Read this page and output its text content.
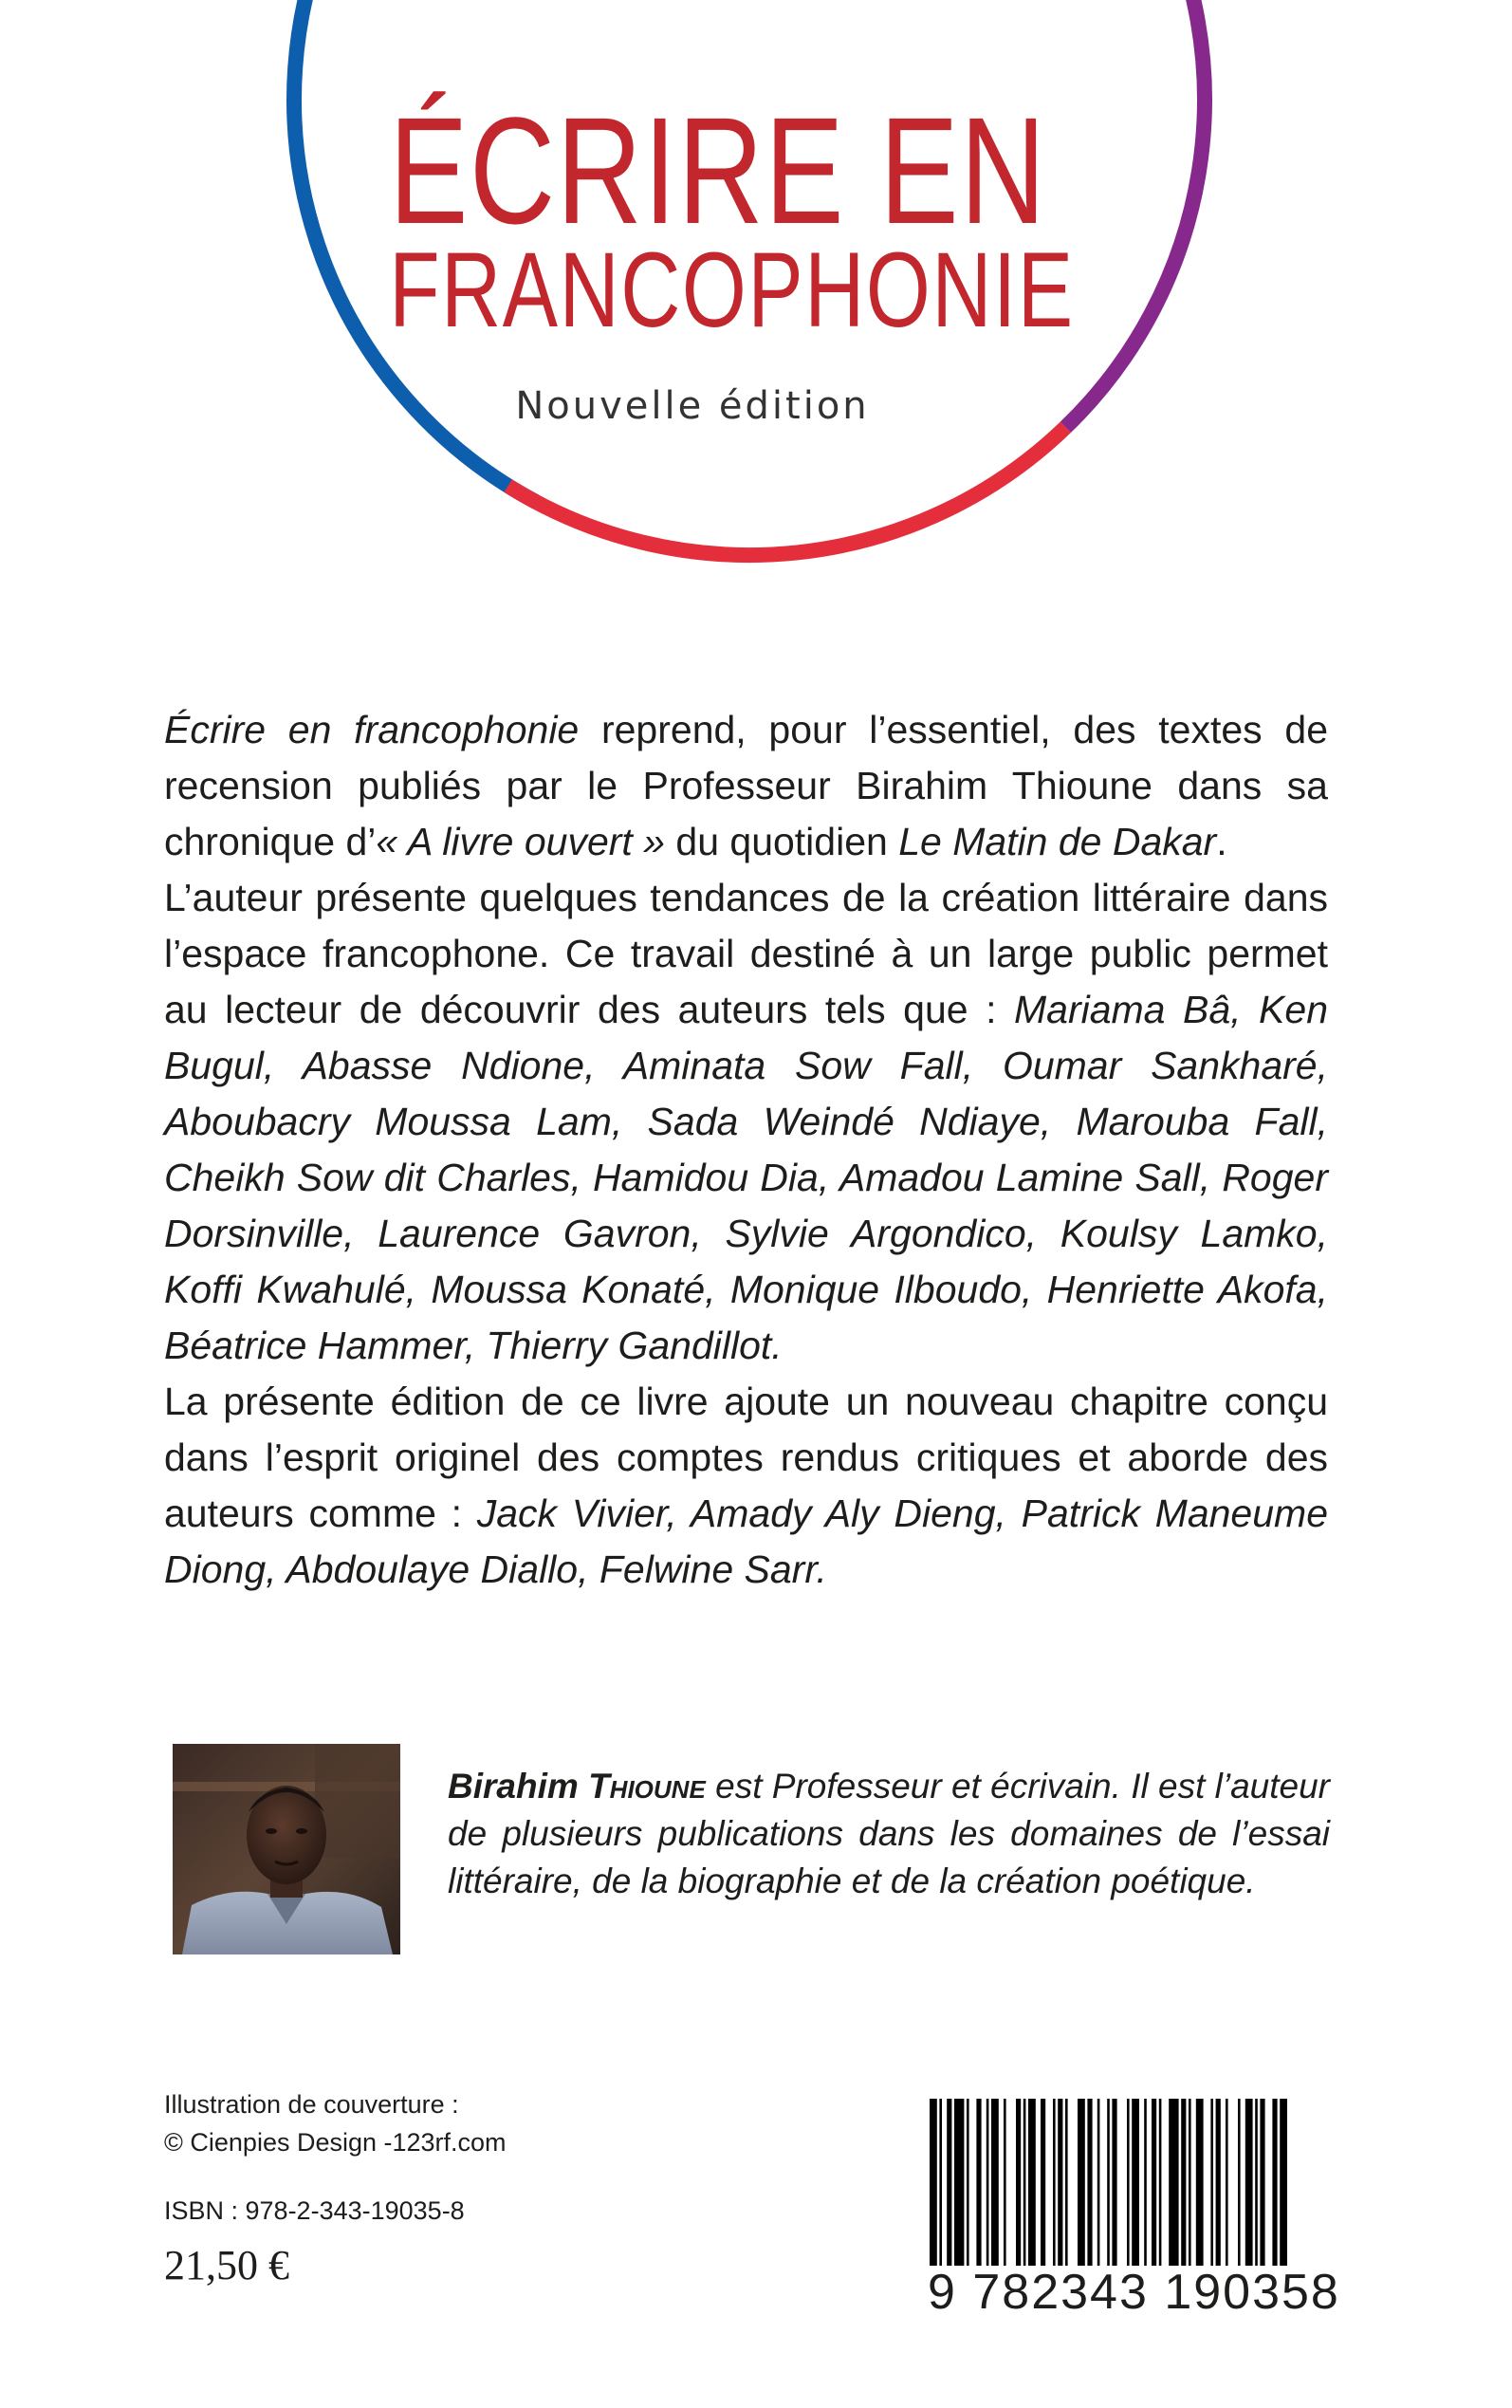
ÉCRIRE EN
FRANCOPHONIE
Nouvelle édition

Écrire en francophonie reprend, pour l’essentiel, des textes de recension publiés par le Professeur Birahim Thioune dans sa chronique d’« A livre ouvert » du quotidien Le Matin de Dakar.

L’auteur présente quelques tendances de la création littéraire dans l’espace francophone. Ce travail destiné à un large public permet au lecteur de découvrir des auteurs tels que : Mariama Bâ, Ken Bugul, Abasse Ndione, Aminata Sow Fall, Oumar Sankharé, Aboubacry Moussa Lam, Sada Weindé Ndiaye, Marouba Fall, Cheikh Sow dit Charles, Hamidou Dia, Amadou Lamine Sall, Roger Dorsinville, Laurence Gavron, Sylvie Argondico, Koulsy Lamko, Koffi Kwahulé, Moussa Konaté, Monique Ilboudo, Henriette Akofa, Béatrice Hammer, Thierry Gandillot.

La présente édition de ce livre ajoute un nouveau chapitre conçu dans l’esprit originel des comptes rendus critiques et aborde des auteurs comme : Jack Vivier, Amady Aly Dieng, Patrick Maneume Diong, Abdoulaye Diallo, Felwine Sarr.

Birahim Thioune est Professeur et écrivain. Il est l’auteur de plusieurs publications dans les domaines de l’essai littéraire, de la biographie et de la création poétique.

Illustration de couverture :
© Cienpies Design -123rf.com
ISBN : 978-2-343-19035-8
21,50 €	9 782343 190358
